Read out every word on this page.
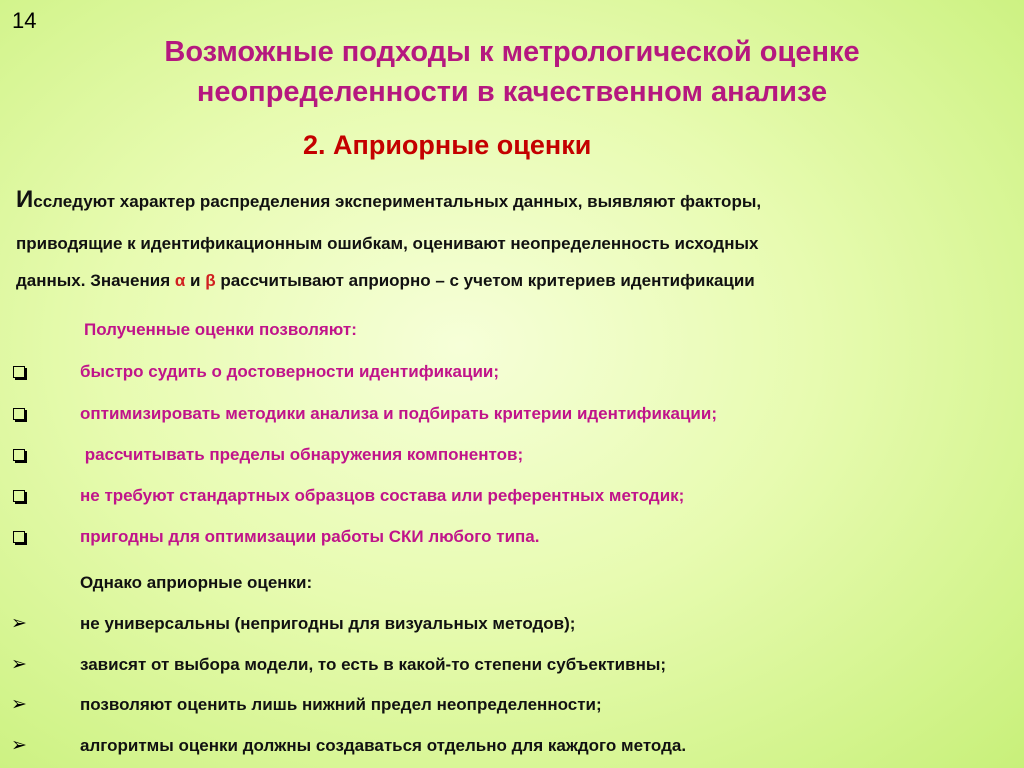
14
Возможные подходы к метрологической оценке
неопределенности в качественном анализе
2. Априорные оценки
Исследуют характер распределения экспериментальных данных, выявляют факторы,
приводящие к идентификационным ошибкам, оценивают неопределенность исходных
данных. Значения α и β рассчитывают априорно – с учетом критериев идентификации
Полученные оценки позволяют:
быстро судить о достоверности идентификации;
оптимизировать методики анализа и подбирать критерии идентификации;
рассчитывать пределы обнаружения компонентов;
не требуют стандартных образцов состава или референтных методик;
пригодны для оптимизации работы СКИ любого типа.
Однако априорные оценки:
➢	не универсальны (непригодны для визуальных методов);
➢	зависят от выбора модели, то есть в какой-то степени субъективны;
➢	позволяют оценить лишь нижний предел неопределенности;
➢	алгоритмы оценки должны создаваться отдельно для каждого метода.
